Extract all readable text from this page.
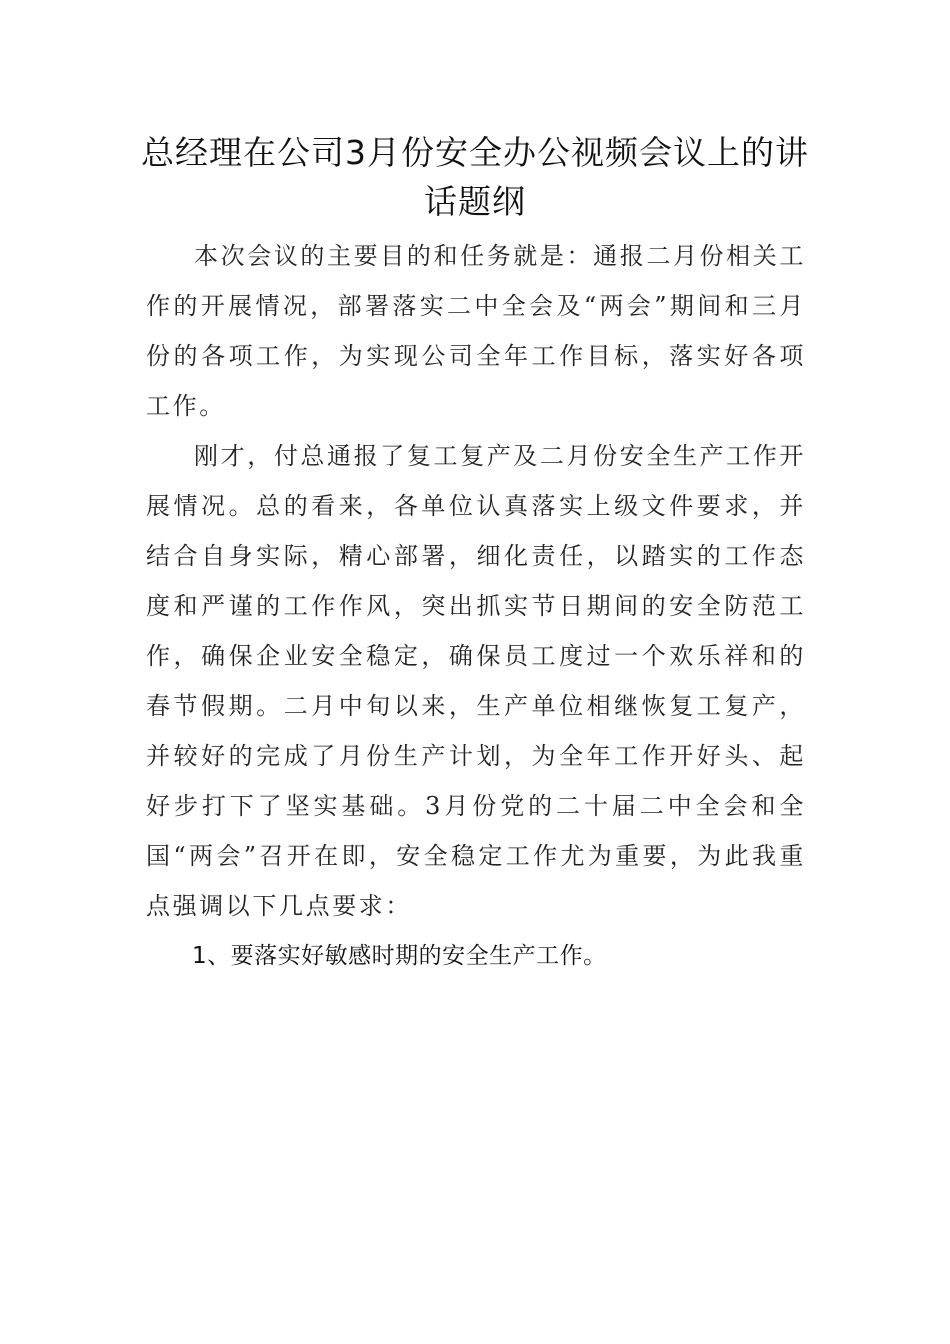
总经理在公司3月份安全办公视频会议上的讲话题纲

本次会议的主要目的和任务就是：通报二月份相关工作的开展情况，部署落实二中全会及“两会”期间和三月份的各项工作，为实现公司全年工作目标，落实好各项工作。

刚才，付总通报了复工复产及二月份安全生产工作开展情况。总的看来，各单位认真落实上级文件要求，并结合自身实际，精心部署，细化责任，以踏实的工作态度和严谨的工作作风，突出抓实节日期间的安全防范工作，确保企业安全稳定，确保员工度过一个欢乐祥和的春节假期。二月中旬以来，生产单位相继恢复工复产，并较好的完成了月份生产计划，为全年工作开好头、起好步打下了坚实基础。3月份党的二十届二中全会和全国“两会”召开在即，安全稳定工作尤为重要，为此我重点强调以下几点要求：

1、要落实好敏感时期的安全生产工作。
